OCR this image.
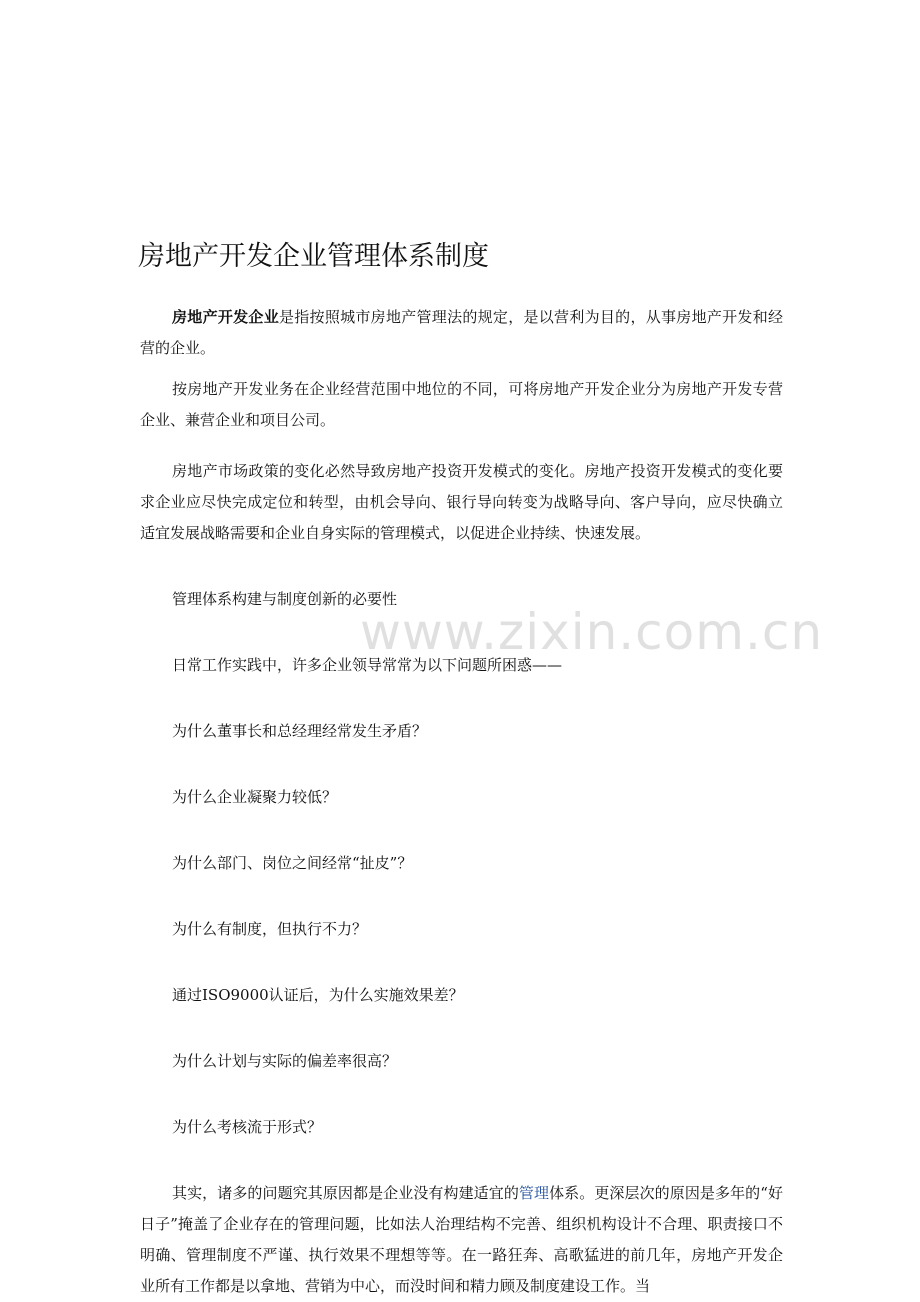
www.zixin.com.cn
房地产开发企业管理体系制度

房地产开发企业是指按照城市房地产管理法的规定，是以营利为目的，从事房地产开发和经营的企业。

按房地产开发业务在企业经营范围中地位的不同，可将房地产开发企业分为房地产开发专营企业、兼营企业和项目公司。

房地产市场政策的变化必然导致房地产投资开发模式的变化。房地产投资开发模式的变化要求企业应尽快完成定位和转型，由机会导向、银行导向转变为战略导向、客户导向，应尽快确立适宜发展战略需要和企业自身实际的管理模式，以促进企业持续、快速发展。

管理体系构建与制度创新的必要性

日常工作实践中，许多企业领导常常为以下问题所困惑——

为什么董事长和总经理经常发生矛盾？

为什么企业凝聚力较低？

为什么部门、岗位之间经常“扯皮”？

为什么有制度，但执行不力？

通过ISO9000认证后，为什么实施效果差？

为什么计划与实际的偏差率很高？

为什么考核流于形式？

其实，诸多的问题究其原因都是企业没有构建适宜的管理体系。更深层次的原因是多年的“好日子”掩盖了企业存在的管理问题，比如法人治理结构不完善、组织机构设计不合理、职责接口不明确、管理制度不严谨、执行效果不理想等等。在一路狂奔、高歌猛进的前几年，房地产开发企业所有工作都是以拿地、营销为中心，而没时间和精力顾及制度建设工作。当
